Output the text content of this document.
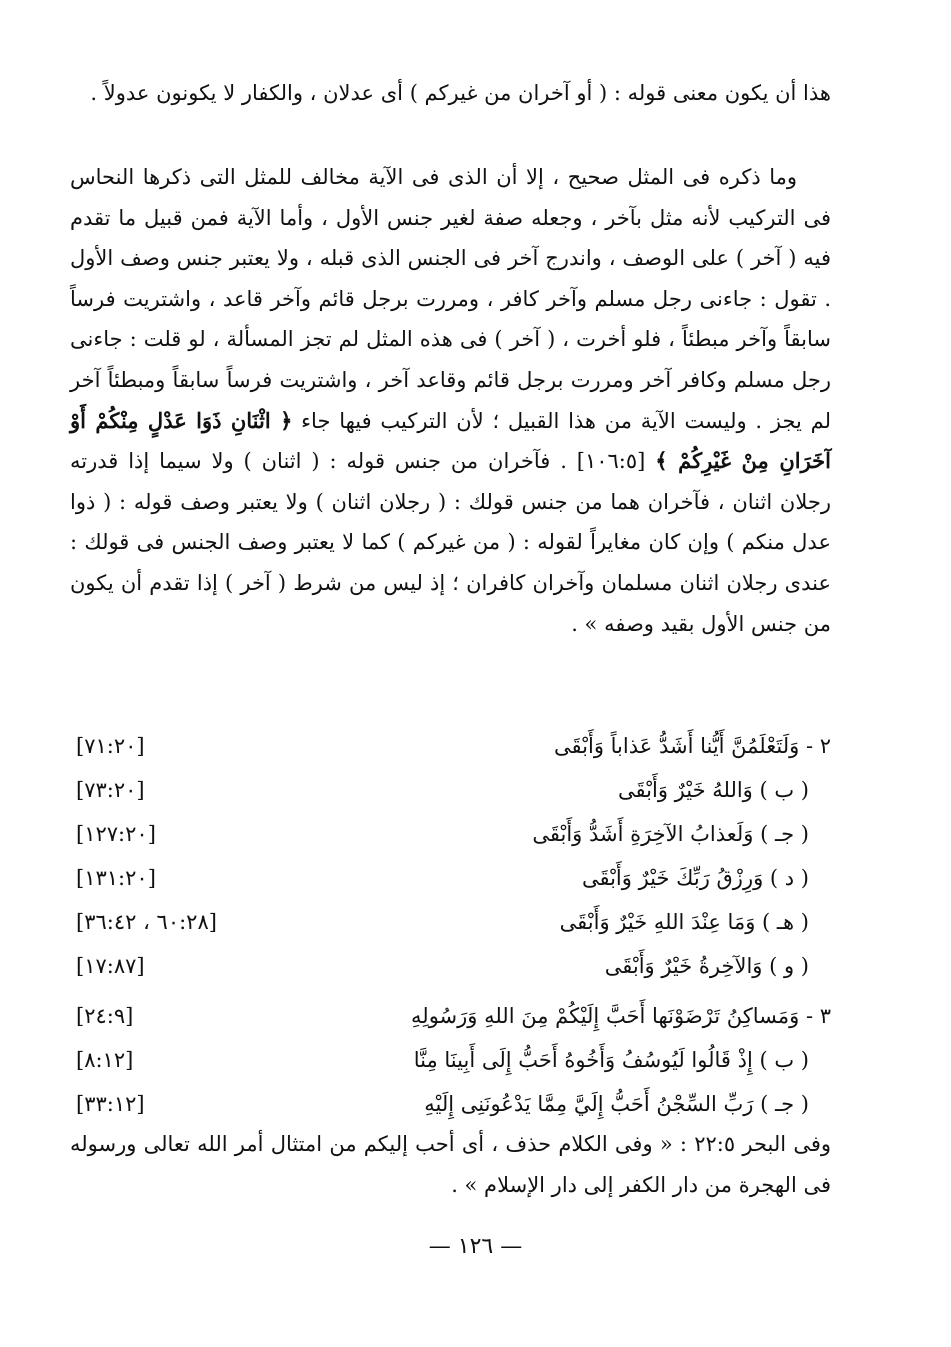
هذا أن يكون معنى قوله : ( أو آخران من غيركم ) أى عدلان ، والكفار لا يكونون عدولاً .

وما ذكره فى المثل صحيح ، إلا أن الذى فى الآية مخالف للمثل التى ذكرها النحاس فى التركيب لأنه مثل بآخر ، وجعله صفة لغير جنس الأول ، وأما الآية فمن قبيل ما تقدم فيه ( آخر ) على الوصف ، واندرج آخر فى الجنس الذى قبله ، ولا يعتبر جنس وصف الأول . تقول : جاءنى رجل مسلم وآخر كافر ، ومررت برجل قائم وآخر قاعد ، واشتريت فرساً سابقاً وآخر مبطئاً ، فلو أخرت ، ( آخر ) فى هذه المثل لم تجز المسألة ، لو قلت : جاءنى رجل مسلم وكافر آخر ومررت برجل قائم وقاعد آخر ، واشتريت فرساً سابقاً ومبطئاً آخر لم يجز . وليست الآية من هذا القبيل ؛ لأن التركيب فيها جاء ﴿ اثْنَانِ ذَوَا عَدْلٍ مِنْكُمْ أَوْ آخَرَانِ مِنْ غَيْرِكُمْ ﴾ [١٠٦:٥] . فآخران من جنس قوله : ( اثنان ) ولا سيما إذا قدرته رجلان اثنان ، فآخران هما من جنس قولك : ( رجلان اثنان ) ولا يعتبر وصف قوله : ( ذوا عدل منكم ) وإن كان مغايراً لقوله : ( من غيركم ) كما لا يعتبر وصف الجنس فى قولك : عندى رجلان اثنان مسلمان وآخران كافران ؛ إذ ليس من شرط ( آخر ) إذا تقدم أن يكون من جنس الأول بقيد وصفه » .

٢ - وَلَتَعْلَمُنَّ أَيُّنا أَشَدُّ عَذاباً وَأَبْقَى
[٧١:٢٠]
( ب ) وَاللهُ خَيْرٌ وَأَبْقَى
[٧٣:٢٠]
( جـ ) وَلَعذابُ الآخِرَةِ أَشَدُّ وَأَبْقَى
[١٢٧:٢٠]
( د ) وَرِزْقُ رَبِّكَ خَيْرٌ وَأَبْقَى
[١٣١:٢٠]
( هـ ) وَمَا عِنْدَ اللهِ خَيْرٌ وَأَبْقَى
[٦٠:٢٨ ، ٣٦:٤٢]
( و ) وَالآخِرةُ خَيْرٌ وَأَبْقَى
[١٧:٨٧]
٣ - وَمَساكِنُ تَرْضَوْنَها أَحَبَّ إِلَيْكُمْ مِنَ اللهِ وَرَسُولِهِ
[٢٤:٩]
( ب ) إِذْ قَالُوا لَيُوسُفُ وَأَخُوهُ أَحَبُّ إِلَى أَبِينَا مِنَّا
[٨:١٢]
( جـ ) رَبِّ السِّجْنُ أَحَبُّ إِلَيَّ مِمَّا يَدْعُونَنِى إِلَيْهِ
[٣٣:١٢]

وفى البحر ٢٢:٥ : « وفى الكلام حذف ، أى أحب إليكم من امتثال أمر الله تعالى ورسوله فى الهجرة من دار الكفر إلى دار الإسلام » .

— ١٢٦ —
